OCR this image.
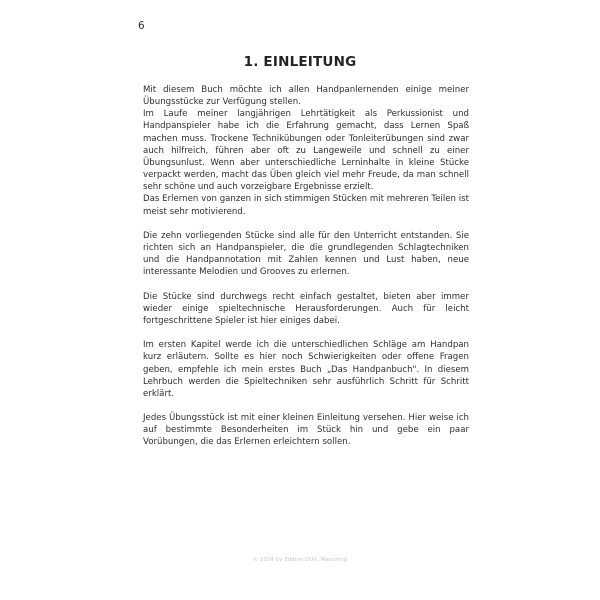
6
1. EINLEITUNG

Mit diesem Buch möchte ich allen Handpanlernenden einige meiner Übungsstücke zur Verfügung stellen.
Im Laufe meiner langjährigen Lehrtätigkeit als Perkussionist und Handpanspieler habe ich die Erfahrung gemacht, dass Lernen Spaß machen muss. Trockene Technikübungen oder Tonleiterübungen sind zwar auch hilfreich, führen aber oft zu Langeweile und schnell zu einer Übungsunlust. Wenn aber unterschiedliche Lerninhalte in kleine Stücke verpackt werden, macht das Üben gleich viel mehr Freude, da man schnell sehr schöne und auch vorzeigbare Ergebnisse erzielt.
Das Erlernen von ganzen in sich stimmigen Stücken mit mehreren Teilen ist meist sehr motivierend.

Die zehn vorliegenden Stücke sind alle für den Unterricht entstanden. Sie richten sich an Handpanspieler, die die grundlegenden Schlagtechniken und die Handpannotation mit Zahlen kennen und Lust haben, neue interessante Melodien und Grooves zu erlernen.

Die Stücke sind durchwegs recht einfach gestaltet, bieten aber immer wieder einige spieltechnische Herausforderungen. Auch für leicht fortgeschrittene Spieler ist hier einiges dabei.

Im ersten Kapitel werde ich die unterschiedlichen Schläge am Handpan kurz erläutern. Sollte es hier noch Schwierigkeiten oder offene Fragen geben, empfehle ich mein erstes Buch „Das Handpanbuch". In diesem Lehrbuch werden die Spieltechniken sehr ausführlich Schritt für Schritt erklärt.

Jedes Übungsstück ist mit einer kleinen Einleitung versehen. Hier weise ich auf bestimmte Besonderheiten im Stück hin und gebe ein paar Vorübungen, die das Erlernen erleichtern sollen.

© 2024 by Edition DUX, Manching
